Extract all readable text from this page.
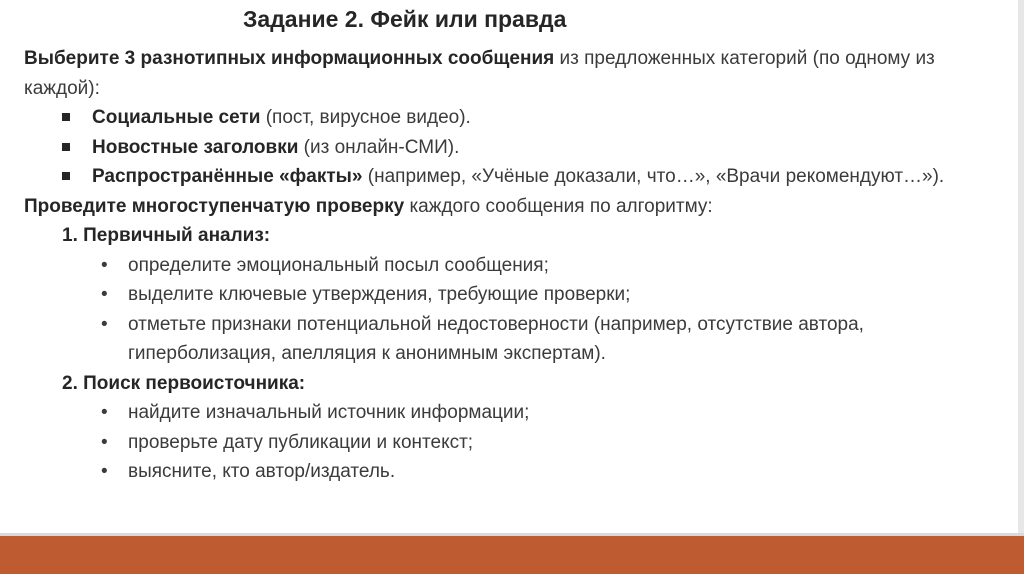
Задание 2. Фейк или правда

Выберите 3 разнотипных информационных сообщения из предложенных категорий (по одному из каждой):

Социальные сети (пост, вирусное видео).
Новостные заголовки (из онлайн-СМИ).
Распространённые «факты» (например, «Учёные доказали, что…», «Врачи рекомендуют…»).

Проведите многоступенчатую проверку каждого сообщения по алгоритму:

1. Первичный анализ:

• определите эмоциональный посыл сообщения;
• выделите ключевые утверждения, требующие проверки;
• отметьте признаки потенциальной недостоверности (например, отсутствие автора, гиперболизация, апелляция к анонимным экспертам).

2. Поиск первоисточника:

• найдите изначальный источник информации;
• проверьте дату публикации и контекст;
• выясните, кто автор/издатель.
